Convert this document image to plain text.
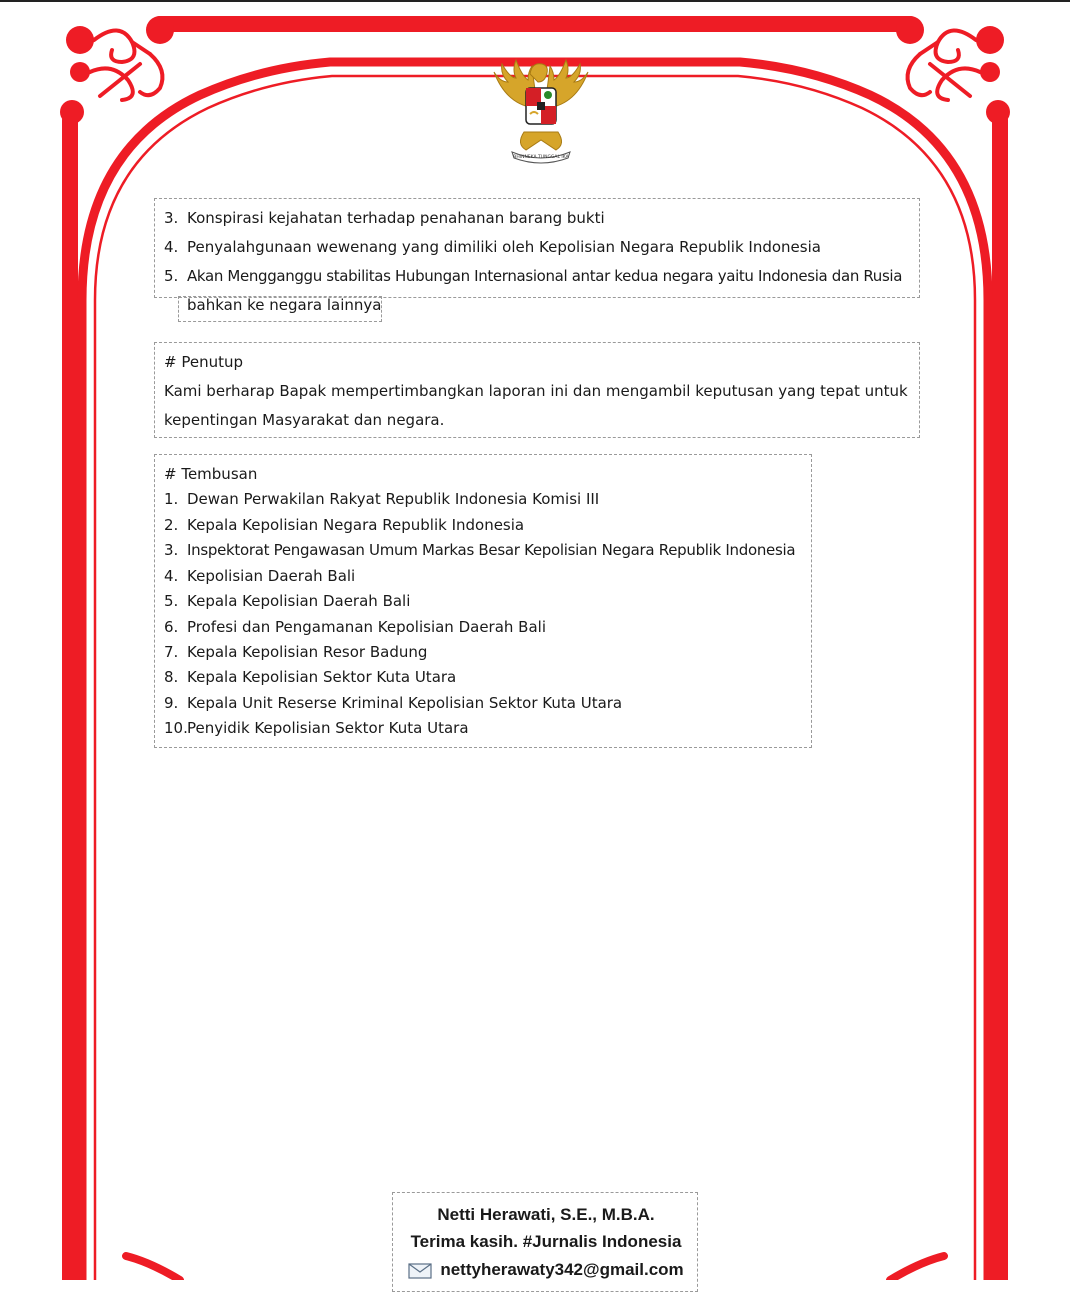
BHINNEKA TUNGGAL IKA
3. Konspirasi kejahatan terhadap penahanan barang bukti
4. Penyalahgunaan wewenang yang dimiliki oleh Kepolisian Negara Republik Indonesia
5. Akan Mengganggu stabilitas Hubungan Internasional antar kedua negara yaitu Indonesia dan Rusia
bahkan ke negara lainnya
# Penutup
Kami berharap Bapak mempertimbangkan laporan ini dan mengambil keputusan yang tepat untuk
kepentingan Masyarakat dan negara.
# Tembusan
1. Dewan Perwakilan Rakyat Republik Indonesia Komisi III
2. Kepala Kepolisian Negara Republik Indonesia
3. Inspektorat Pengawasan Umum Markas Besar Kepolisian Negara Republik Indonesia
4. Kepolisian Daerah Bali
5. Kepala Kepolisian Daerah Bali
6. Profesi dan Pengamanan Kepolisian Daerah Bali
7. Kepala Kepolisian Resor Badung
8. Kepala Kepolisian Sektor Kuta Utara
9. Kepala Unit Reserse Kriminal Kepolisian Sektor Kuta Utara
10.Penyidik Kepolisian Sektor Kuta Utara
Netti Herawati, S.E., M.B.A.
Terima kasih. #Jurnalis Indonesia
nettyherawaty342@gmail.com
